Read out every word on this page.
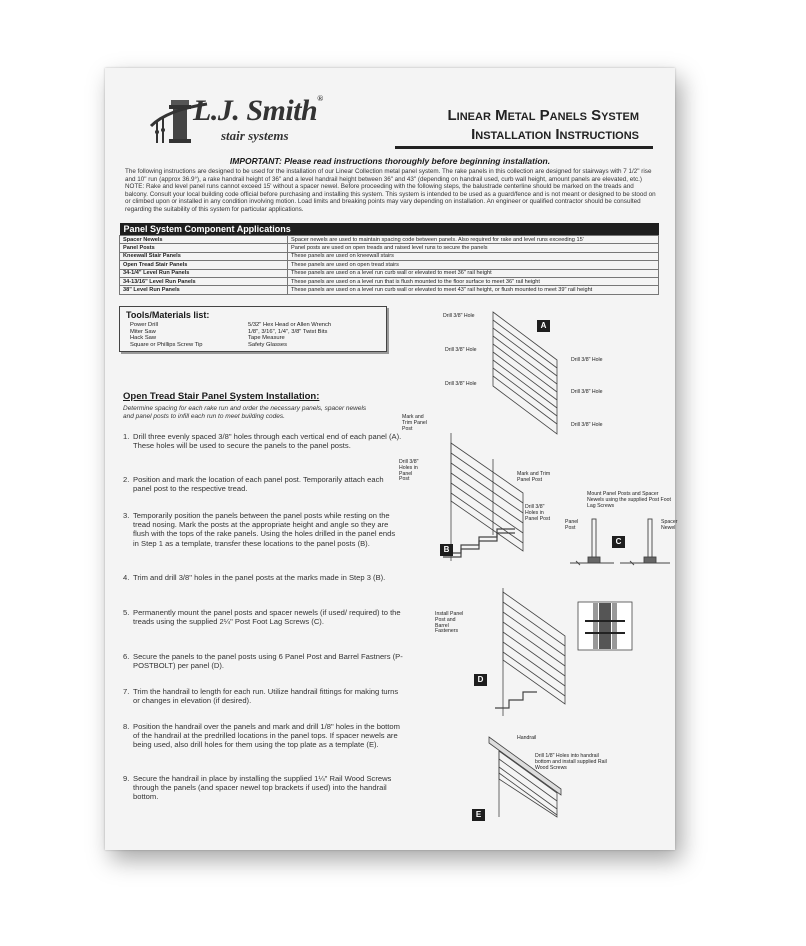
L.J. Smith®
stair systems
Linear Metal Panels System
Installation Instructions
IMPORTANT: Please read instructions thoroughly before beginning installation.
The following instructions are designed to be used for the installation of our Linear Collection metal panel system. The rake panels in this collection are designed for stairways with 7 1/2" rise and 10" run (approx 36.9°), a rake handrail height of 36" and a level handrail height between 36" and 43" (depending on handrail used, curb wall height, amount panels are elevated, etc.) NOTE: Rake and level panel runs cannot exceed 15' without a spacer newel. Before proceeding with the following steps, the balustrade centerline should be marked on the treads and balcony. Consult your local building code official before purchasing and installing this system. This system is intended to be used as a guard/fence and is not meant or designed to be stood on or climbed upon or installed in any condition involving motion. Load limits and breaking points may vary depending on installation. An engineer or qualified contractor should be consulted regarding the suitability of this system for particular applications.
Panel System Component Applications	
Spacer Newels	Spacer newels are used to maintain spacing code between panels. Also required for rake and level runs exceeding 15'
Panel Posts	Panel posts are used on open treads and raised level runs to secure the panels
Kneewall Stair Panels	These panels are used on kneewall stairs
Open Tread Stair Panels	These panels are used on open tread stairs
34-1/4" Level Run Panels	These panels are used on a level run curb wall or elevated to meet 36" rail height
34-13/16" Level Run Panels	These panels are used on a level run that is flush mounted to the floor surface to meet 36" rail height
38" Level Run Panels	These panels are used on a level run curb wall or elevated to meet 43" rail height, or flush mounted to meet 39" rail height
Tools/Materials list:
Power Drill
Miter Saw
Hack Saw
Square or Phillips Screw Tip
5/32" Hex Head or Allen Wrench
1/8", 3/16", 1/4", 3/8" Twist Bits
Tape Measure
Safety Glasses
Open Tread Stair Panel System Installation:
Determine spacing for each rake run and order the necessary panels, spacer newels and panel posts to infill each run to meet building codes.
1. Drill three evenly spaced 3/8" holes through each vertical end of each panel (A). These holes will be used to secure the panels to the panel posts.
2. Position and mark the location of each panel post. Temporarily attach each panel post to the respective tread.
3. Temporarily position the panels between the panel posts while resting on the tread nosing. Mark the posts at the appropriate height and angle so they are flush with the tops of the rake panels. Using the holes drilled in the panel ends in Step 1 as a template, transfer these locations to the panel posts (B).
4. Trim and drill 3/8" holes in the panel posts at the marks made in Step 3 (B).
5. Permanently mount the panel posts and spacer newels (if used/ required) to the treads using the supplied 2¼" Post Foot Lag Screws (C).
6. Secure the panels to the panel posts using 6 Panel Post and Barrel Fastners (P-POSTBOLT) per panel (D).
7. Trim the handrail to length for each run. Utilize handrail fittings for making turns or changes in elevation (if desired).
8. Position the handrail over the panels and mark and drill 1/8" holes in the bottom of the handrail at the predrilled locations in the panel tops. If spacer newels are being used, also drill holes for them using the top plate as a template (E).
9. Secure the handrail in place by installing the supplied 1¼" Rail Wood Screws through the panels (and spacer newel top brackets if used) into the handrail bottom.
Drill 3/8" Hole
Drill 3/8" Hole
Drill 3/8" Hole
Drill 3/8" Hole
Drill 3/8" Hole
Drill 3/8" Hole
A
Mark and Trim Panel Post
Drill 3/8" Holes in Panel Post
Mark and Trim Panel Post
Drill 3/8" Holes in Panel Post
B
Mount Panel Posts and Spacer Newels using the supplied Post Foot Lag Screws
Panel Post
Spacer Newel
C
Install Panel Post and Barrel Fasteners
D
Handrail
Drill 1/8" Holes into handrail bottom and install supplied Rail Wood Screws
E
